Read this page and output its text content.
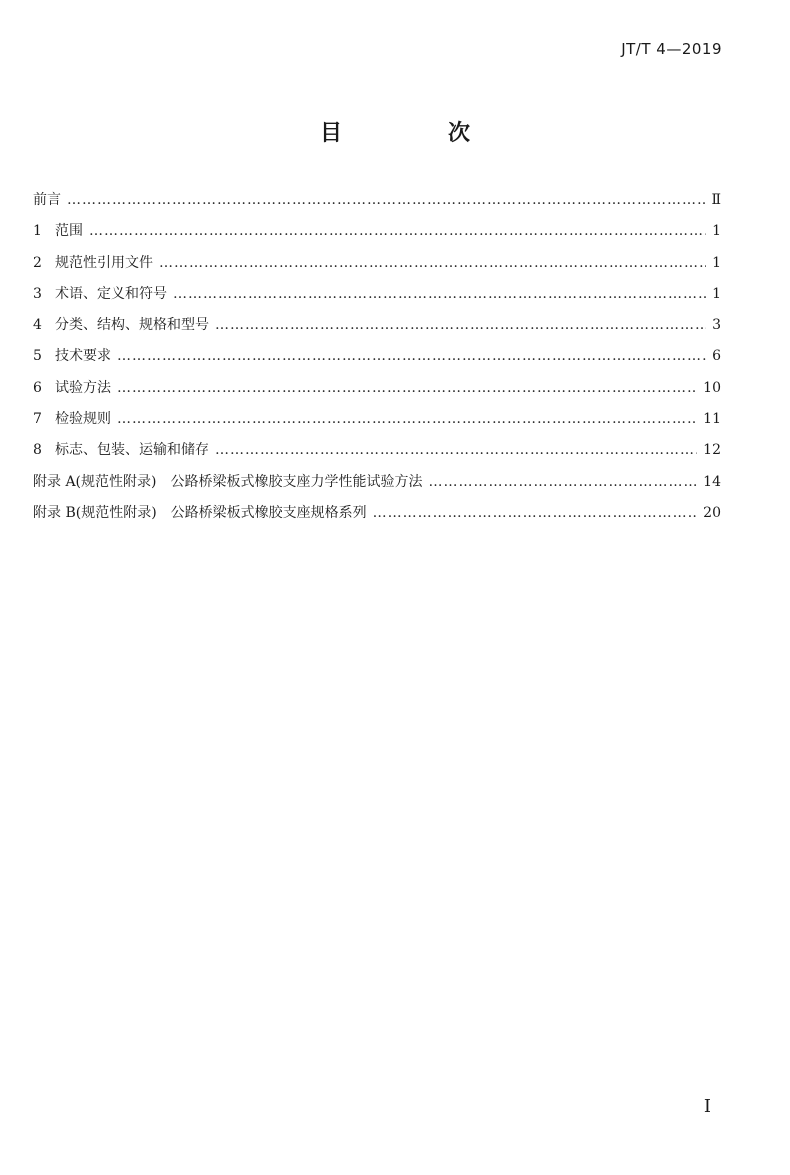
JT/T 4—2019
目　次
前言 ……………………………………………………………………………………………………………………………………………………………………………………………………………………	Ⅱ
1 范围 ……………………………………………………………………………………………………………………………………………………………………………………………………………………	1
2 规范性引用文件 ……………………………………………………………………………………………………………………………………………………………………………………………………………………	1
3 术语、定义和符号 ……………………………………………………………………………………………………………………………………………………………………………………………………………………	1
4 分类、结构、规格和型号 ……………………………………………………………………………………………………………………………………………………………………………………………………………………	3
5 技术要求 ……………………………………………………………………………………………………………………………………………………………………………………………………………………	6
6 试验方法 ……………………………………………………………………………………………………………………………………………………………………………………………………………………	10
7 检验规则 ……………………………………………………………………………………………………………………………………………………………………………………………………………………	11
8 标志、包装、运输和储存 ……………………………………………………………………………………………………………………………………………………………………………………………………………………	12
附录 A(规范性附录)　公路桥梁板式橡胶支座力学性能试验方法 ……………………………………………………………………………………………………………………………………………………………………………………………………………………	14
附录 B(规范性附录)　公路桥梁板式橡胶支座规格系列 ……………………………………………………………………………………………………………………………………………………………………………………………………………………	20
Ⅰ
